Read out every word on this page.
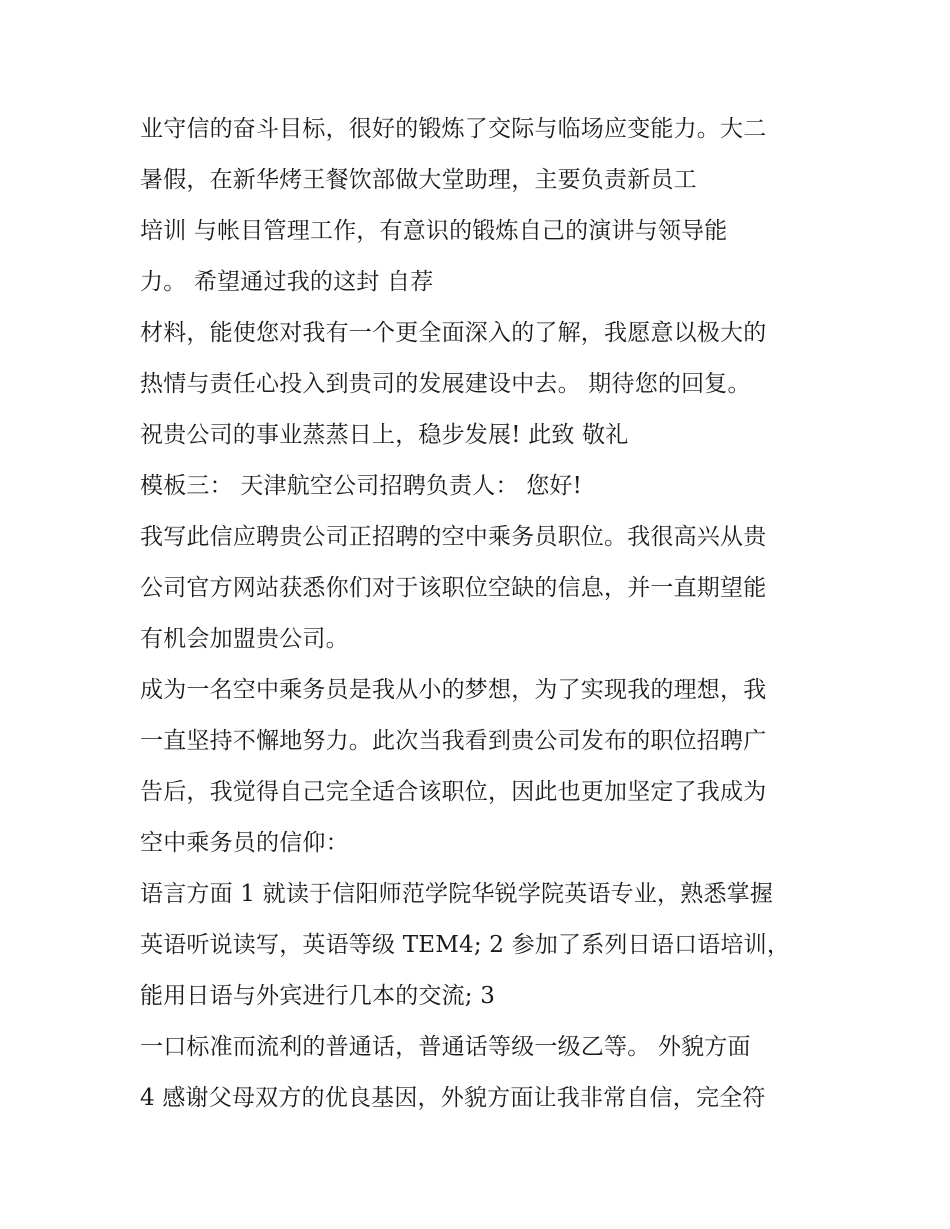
业守信的奋斗目标，很好的锻炼了交际与临场应变能力。大二
暑假，在新华烤王餐饮部做大堂助理，主要负责新员工
培训 与帐目管理工作，有意识的锻炼自己的演讲与领导能
力。 希望通过我的这封 自荐
材料，能使您对我有一个更全面深入的了解，我愿意以极大的
热情与责任心投入到贵司的发展建设中去。 期待您的回复。
祝贵公司的事业蒸蒸日上，稳步发展! 此致 敬礼
模板三： 天津航空公司招聘负责人： 您好!
我写此信应聘贵公司正招聘的空中乘务员职位。我很高兴从贵
公司官方网站获悉你们对于该职位空缺的信息，并一直期望能
有机会加盟贵公司。
成为一名空中乘务员是我从小的梦想，为了实现我的理想，我
一直坚持不懈地努力。此次当我看到贵公司发布的职位招聘广
告后，我觉得自己完全适合该职位，因此也更加坚定了我成为
空中乘务员的信仰：
语言方面 1 就读于信阳师范学院华锐学院英语专业，熟悉掌握
英语听说读写，英语等级 TEM4; 2 参加了系列日语口语培训，
能用日语与外宾进行几本的交流; 3
一口标准而流利的普通话，普通话等级一级乙等。 外貌方面
4 感谢父母双方的优良基因，外貌方面让我非常自信，完全符
